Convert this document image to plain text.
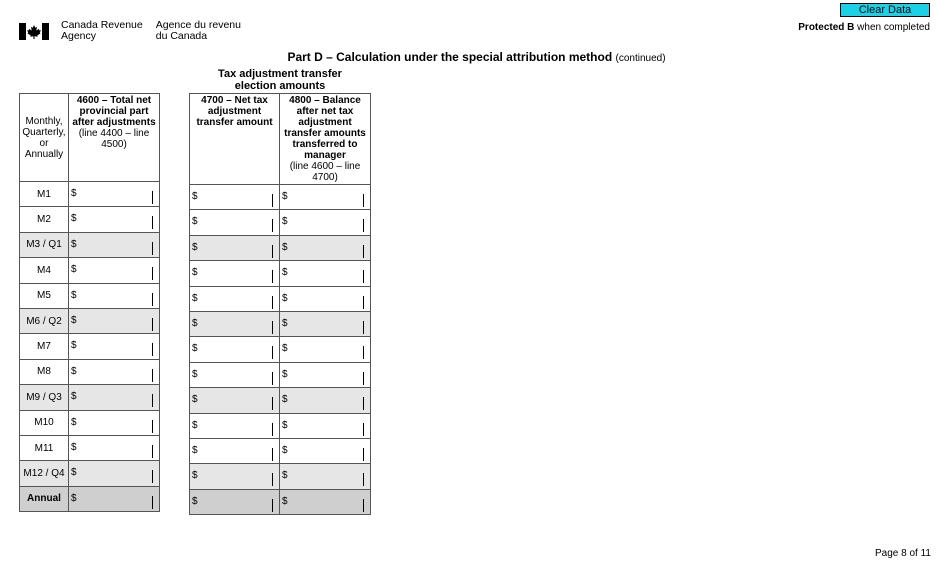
Canada Revenue
Agency
Agence du revenu
du Canada
Clear Data
Protected B when completed
Part D – Calculation under the special attribution method (continued)
Tax adjustment transfer election amounts
Monthly, Quarterly, or Annually	4600 – Total net provincial part after adjustments
(line 4400 – line 4500)
M1	$

M2	$

M3 / Q1	$

M4	$

M5	$

M6 / Q2	$

M7	$

M8	$

M9 / Q3	$

M10	$

M11	$

M12 / Q4	$

Annual	$
4700 – Net tax adjustment transfer amount	4800 – Balance after net tax adjustment transfer amounts transferred to manager
(line 4600 – line 4700)

$	$

$	$

$	$

$	$

$	$

$	$

$	$

$	$

$	$

$	$

$	$

$	$

$	$
Page 8 of 11
